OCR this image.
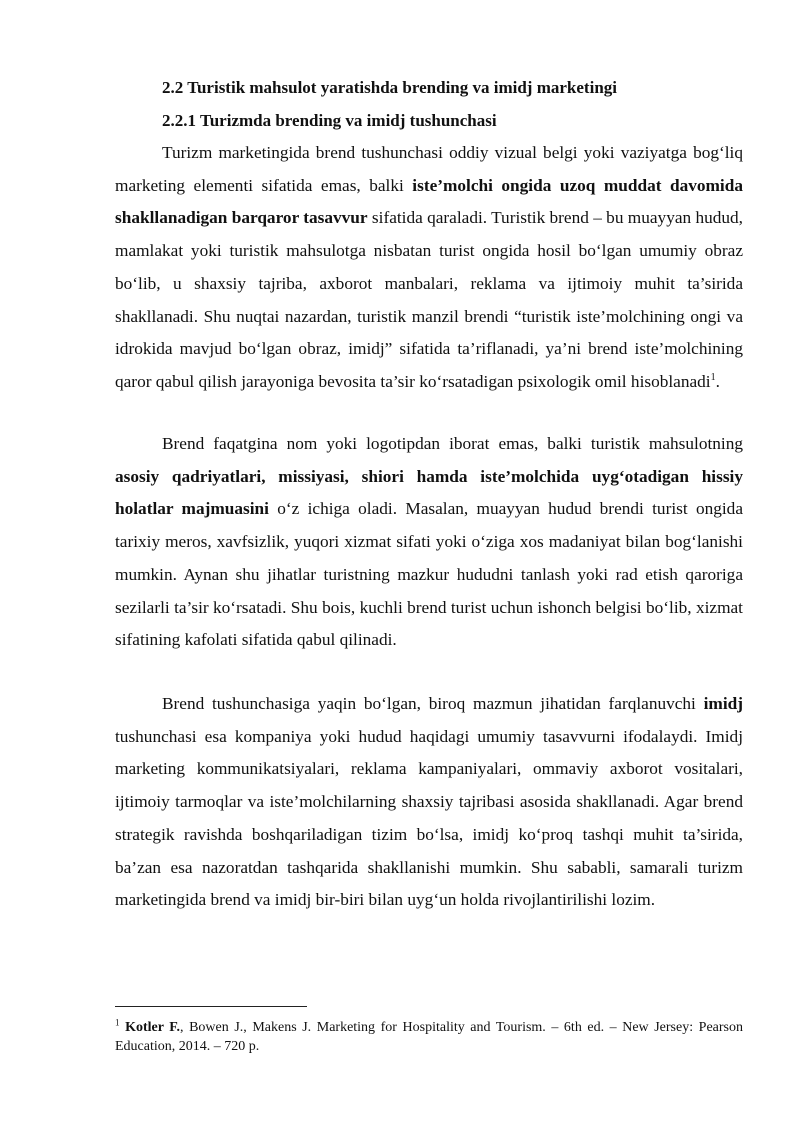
2.2 Turistik mahsulot yaratishda brending va imidj marketingi
2.2.1 Turizmda brending va imidj tushunchasi

Turizm marketingida brend tushunchasi oddiy vizual belgi yoki vaziyatga bog‘liq marketing elementi sifatida emas, balki iste’molchi ongida uzoq muddat davomida shakllanadigan barqaror tasavvur sifatida qaraladi. Turistik brend – bu muayyan hudud, mamlakat yoki turistik mahsulotga nisbatan turist ongida hosil bo‘lgan umumiy obraz bo‘lib, u shaxsiy tajriba, axborot manbalari, reklama va ijtimoiy muhit ta’sirida shakllanadi. Shu nuqtai nazardan, turistik manzil brendi “turistik iste’molchining ongi va idrokida mavjud bo‘lgan obraz, imidj” sifatida ta’riflanadi, ya’ni brend iste’molchining qaror qabul qilish jarayoniga bevosita ta’sir ko‘rsatadigan psixologik omil hisoblanadi$^1$.

Brend faqatgina nom yoki logotipdan iborat emas, balki turistik mahsulotning asosiy qadriyatlari, missiyasi, shiori hamda iste’molchida uyg‘otadigan hissiy holatlar majmuasini o‘z ichiga oladi. Masalan, muayyan hudud brendi turist ongida tarixiy meros, xavfsizlik, yuqori xizmat sifati yoki o‘ziga xos madaniyat bilan bog‘lanishi mumkin. Aynan shu jihatlar turistning mazkur hududni tanlash yoki rad etish qaroriga sezilarli ta’sir ko‘rsatadi. Shu bois, kuchli brend turist uchun ishonch belgisi bo‘lib, xizmat sifatining kafolati sifatida qabul qilinadi.

Brend tushunchasiga yaqin bo‘lgan, biroq mazmun jihatidan farqlanuvchi imidj tushunchasi esa kompaniya yoki hudud haqidagi umumiy tasavvurni ifodalaydi. Imidj marketing kommunikatsiyalari, reklama kampaniyalari, ommaviy axborot vositalari, ijtimoiy tarmoqlar va iste’molchilarning shaxsiy tajribasi asosida shakllanadi. Agar brend strategik ravishda boshqariladigan tizim bo‘lsa, imidj ko‘proq tashqi muhit ta’sirida, ba’zan esa nazoratdan tashqarida shakllanishi mumkin. Shu sababli, samarali turizm marketingida brend va imidj bir-biri bilan uyg‘un holda rivojlantirilishi lozim.

$^1$ Kotler F., Bowen J., Makens J. Marketing for Hospitality and Tourism. – 6th ed. – New Jersey: Pearson Education, 2014. – 720 p.
